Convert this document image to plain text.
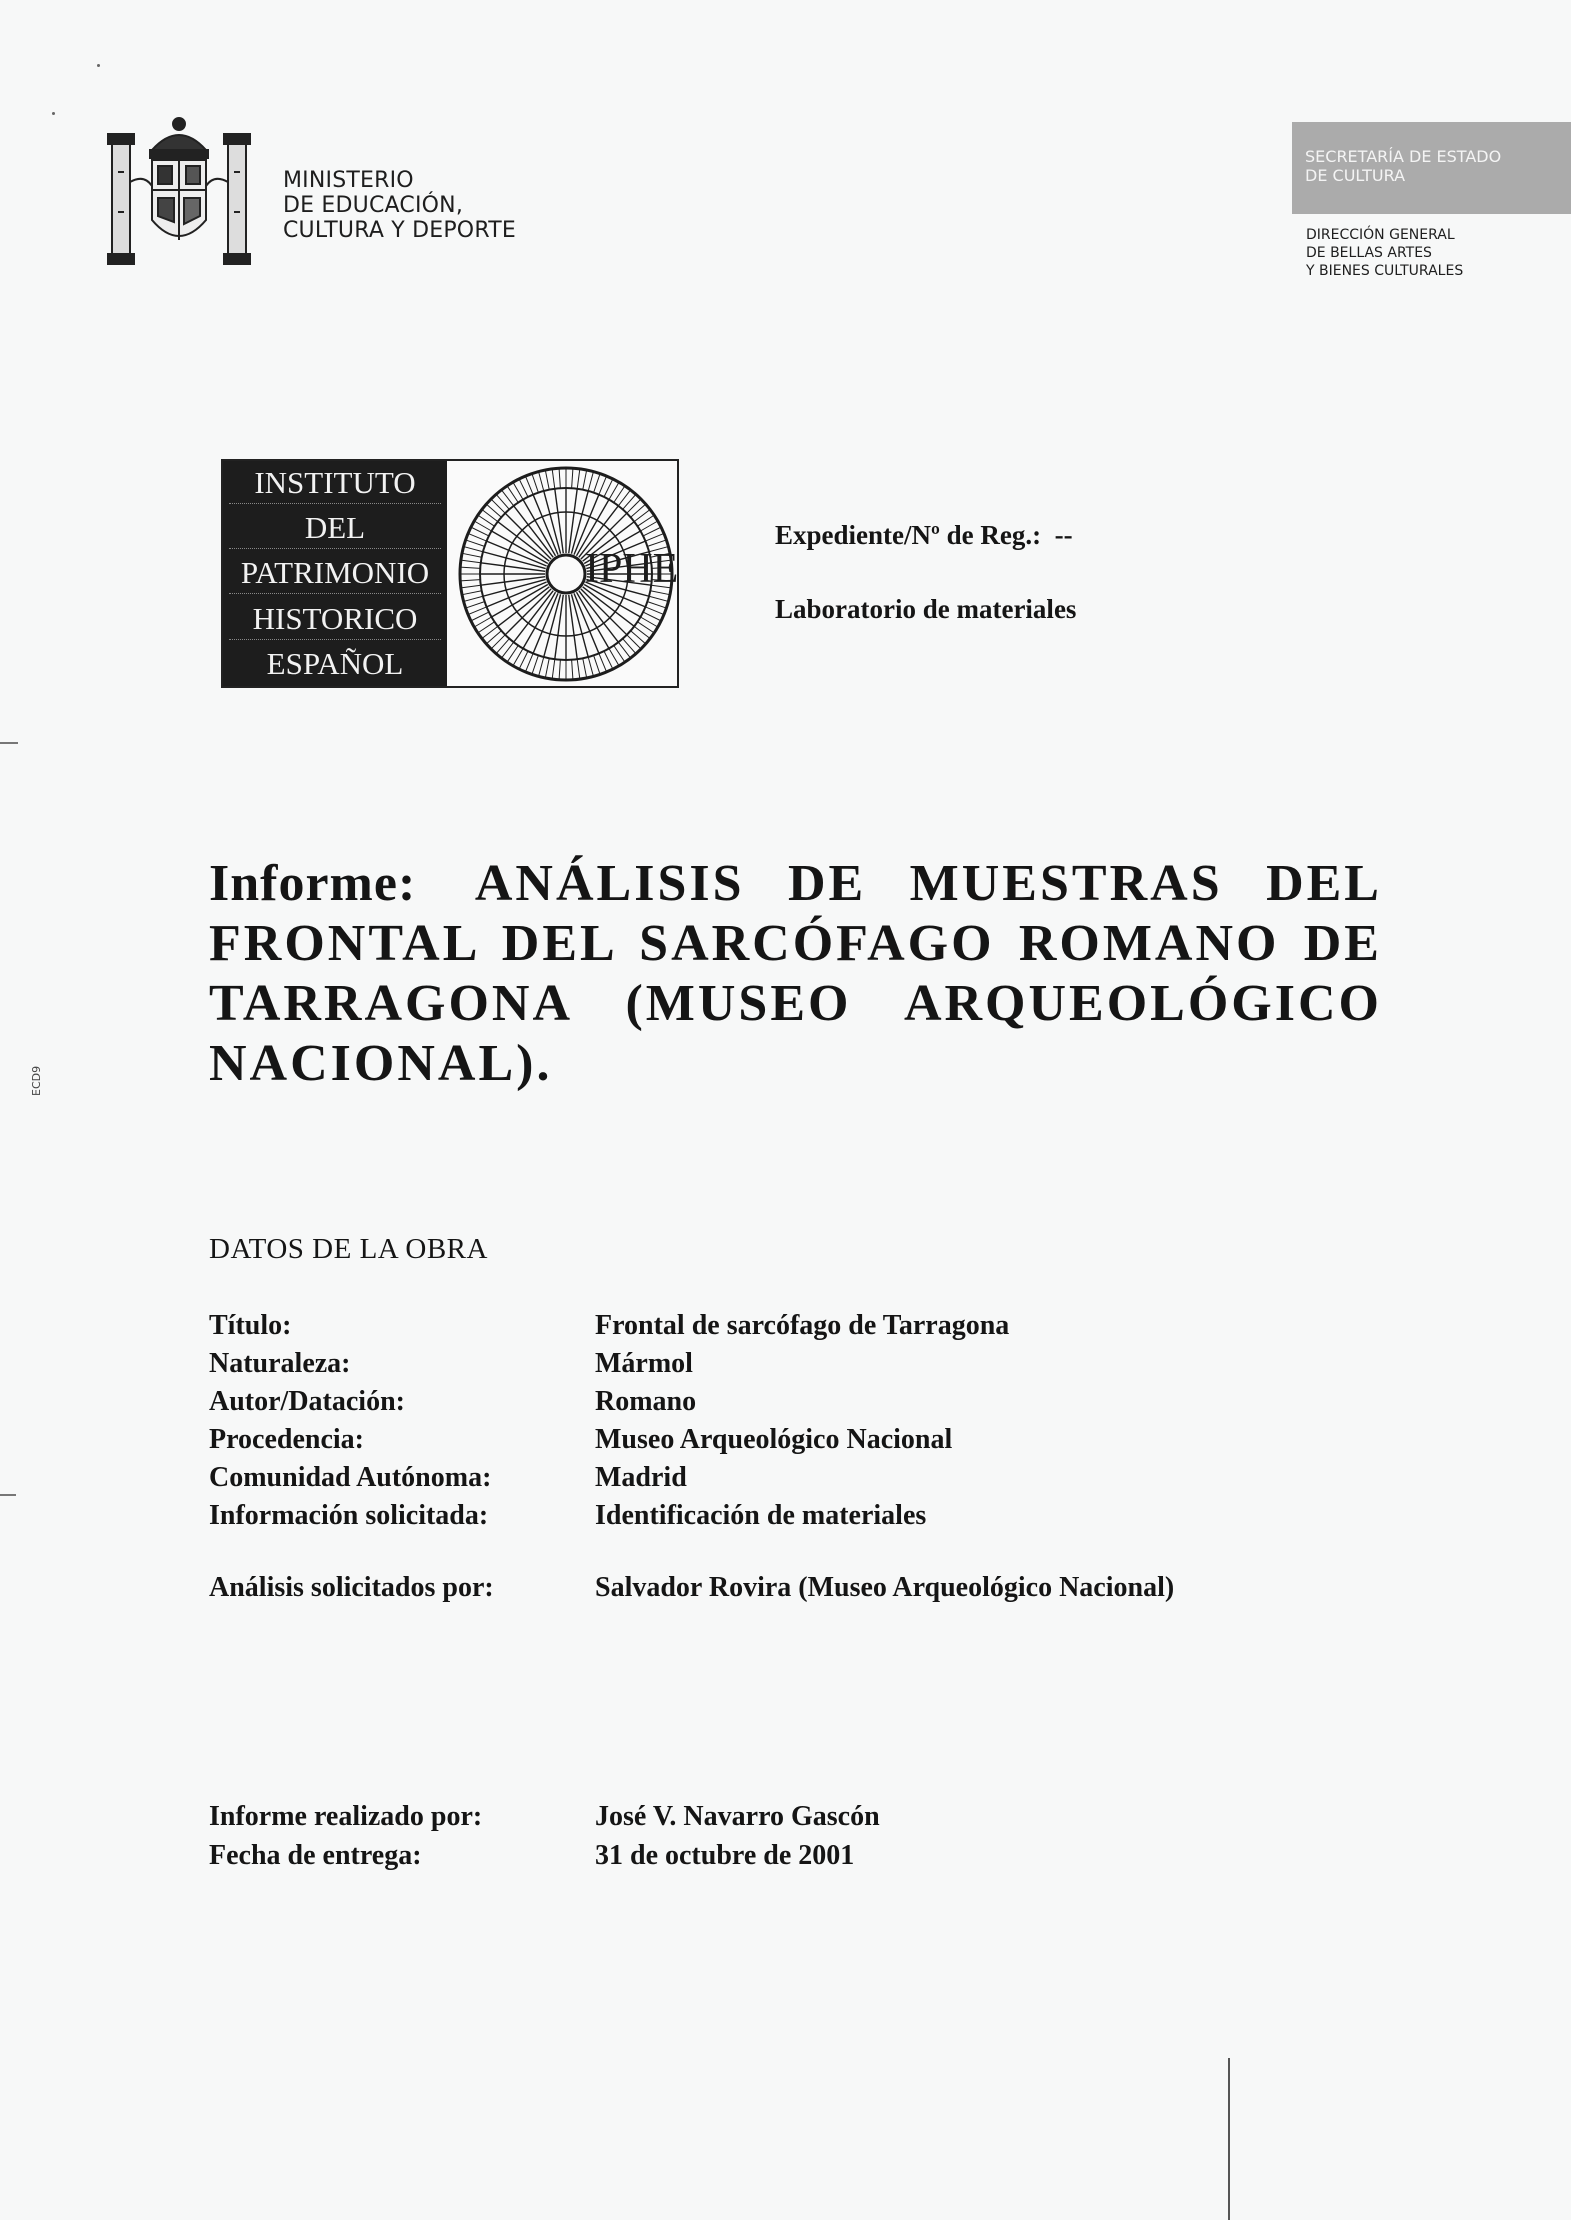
MINISTERIO
DE EDUCACIÓN,
CULTURA Y DEPORTE
SECRETARÍA DE ESTADO
DE CULTURA
DIRECCIÓN GENERAL
DE BELLAS ARTES
Y BIENES CULTURALES
INSTITUTO
DEL
PATRIMONIO
HISTORICO
ESPAÑOL
IPHE
Expediente/Nº de Reg.: --
Laboratorio de materiales
Informe: ANÁLISIS DE MUESTRAS DEL FRONTAL DEL SARCÓFAGO ROMANO DE TARRAGONA (MUSEO ARQUEOLÓGICO NACIONAL).
DATOS DE LA OBRA
Título:	Frontal de sarcófago de Tarragona
Naturaleza:	Mármol
Autor/Datación:	Romano
Procedencia:	Museo Arqueológico Nacional
Comunidad Autónoma:	Madrid
Información solicitada:	Identificación de materiales
Análisis solicitados por:	Salvador Rovira (Museo Arqueológico Nacional)
Informe realizado por:	José V. Navarro Gascón
Fecha de entrega:	31 de octubre de 2001
ECD9
